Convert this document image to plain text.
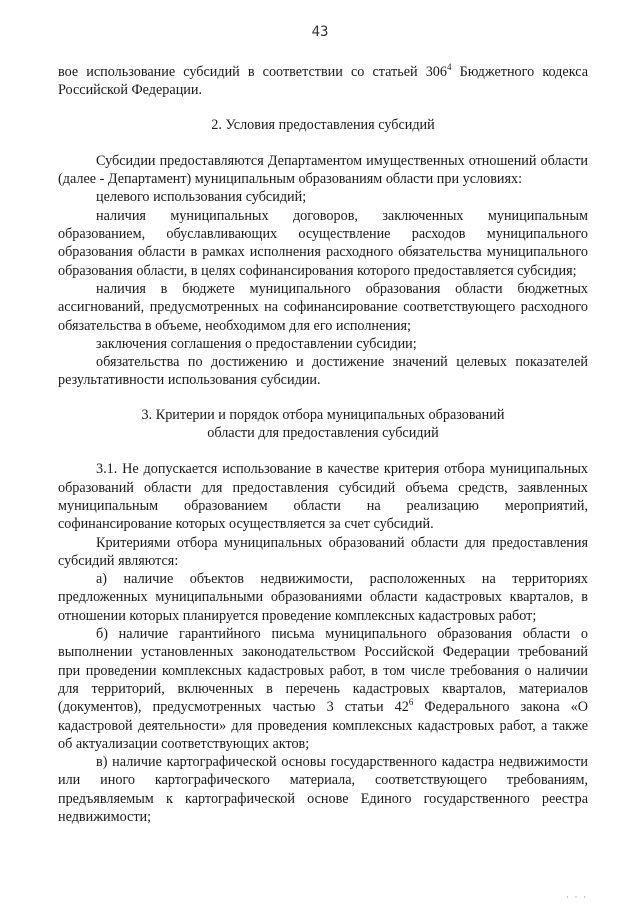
43

вое использование субсидий в соответствии со статьей $306^4$ Бюджетного кодекса Российской Федерации.

2. Условия предоставления субсидий

Субсидии предоставляются Департаментом имущественных отношений области (далее - Департамент) муниципальным образованиям области при условиях:

целевого использования субсидий;

наличия муниципальных договоров, заключенных муниципальным образованием, обуславливающих осуществление расходов муниципального образования области в рамках исполнения расходного обязательства муниципального образования области, в целях софинансирования которого предоставляется субсидия;

наличия в бюджете муниципального образования области бюджетных ассигнований, предусмотренных на софинансирование соответствующего расходного обязательства в объеме, необходимом для его исполнения;

заключения соглашения о предоставлении субсидии;

обязательства по достижению и достижение значений целевых показателей результативности использования субсидии.

3. Критерии и порядок отбора муниципальных образований

области для предоставления субсидий

3.1. Не допускается использование в качестве критерия отбора муниципальных образований области для предоставления субсидий объема средств, заявленных муниципальным образованием области на реализацию мероприятий, софинансирование которых осуществляется за счет субсидий.

Критериями отбора муниципальных образований области для предоставления субсидий являются:

а) наличие объектов недвижимости, расположенных на территориях предложенных муниципальными образованиями области кадастровых кварталов, в отношении которых планируется проведение комплексных кадастровых работ;

б) наличие гарантийного письма муниципального образования области о выполнении установленных законодательством Российской Федерации требований при проведении комплексных кадастровых работ, в том числе требования о наличии для территорий, включенных в перечень кадастровых кварталов, материалов (документов), предусмотренных частью 3 статьи $42^6$ Федерального закона «О кадастровой деятельности» для проведения комплексных кадастровых работ, а также об актуализации соответствующих актов;

в) наличие картографической основы государственного кадастра недвижимости или иного картографического материала, соответствующего требованиям, предъявляемым к картографической основе Единого государственного реестра недвижимости;

· · ·
